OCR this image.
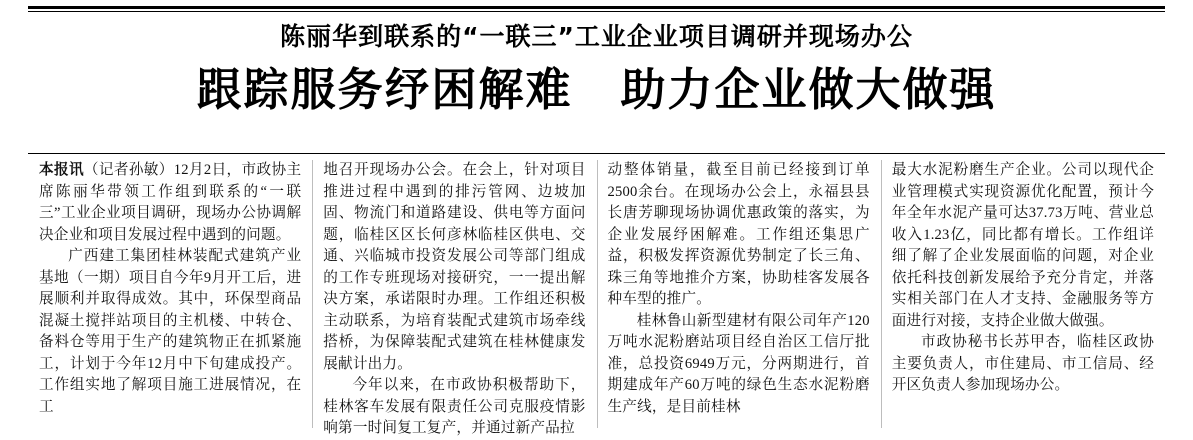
陈丽华到联系的“一联三”工业企业项目调研并现场办公
跟踪服务纾困解难 助力企业做大做强

本报讯（记者孙敏）12月2日，市政协主席陈丽华带领工作组到联系的“一联三”工业企业项目调研，现场办公协调解决企业和项目发展过程中遇到的问题。

广西建工集团桂林装配式建筑产业基地（一期）项目自今年9月开工后，进展顺利并取得成效。其中，环保型商品混凝土搅拌站项目的主机楼、中转仓、备料仓等用于生产的建筑物正在抓紧施工，计划于今年12月中下旬建成投产。工作组实地了解项目施工进展情况，在工

地召开现场办公会。在会上，针对项目推进过程中遇到的排污管网、边坡加固、物流门和道路建设、供电等方面问题，临桂区区长何彦林临桂区供电、交通、兴临城市投资发展公司等部门组成的工作专班现场对接研究，一一提出解决方案，承诺限时办理。工作组还积极主动联系，为培育装配式建筑市场牵线搭桥，为保障装配式建筑在桂林健康发展献计出力。

今年以来，在市政协积极帮助下，桂林客车发展有限责任公司克服疫情影响第一时间复工复产，并通过新产品拉

动整体销量，截至目前已经接到订单2500余台。在现场办公会上，永福县县长唐芳聊现场协调优惠政策的落实，为企业发展纾困解难。工作组还集思广益，积极发挥资源优势制定了长三角、珠三角等地推介方案，协助桂客发展各种车型的推广。

桂林鲁山新型建材有限公司年产120万吨水泥粉磨站项目经自治区工信厅批准，总投资6949万元，分两期进行，首期建成年产60万吨的绿色生态水泥粉磨生产线，是目前桂林

最大水泥粉磨生产企业。公司以现代企业管理模式实现资源优化配置，预计今年全年水泥产量可达37.73万吨、营业总收入1.23亿，同比都有增长。工作组详细了解了企业发展面临的问题，对企业依托科技创新发展给予充分肯定，并落实相关部门在人才支持、金融服务等方面进行对接，支持企业做大做强。

市政协秘书长苏甲杏，临桂区政协主要负责人，市住建局、市工信局、经开区负责人参加现场办公。
